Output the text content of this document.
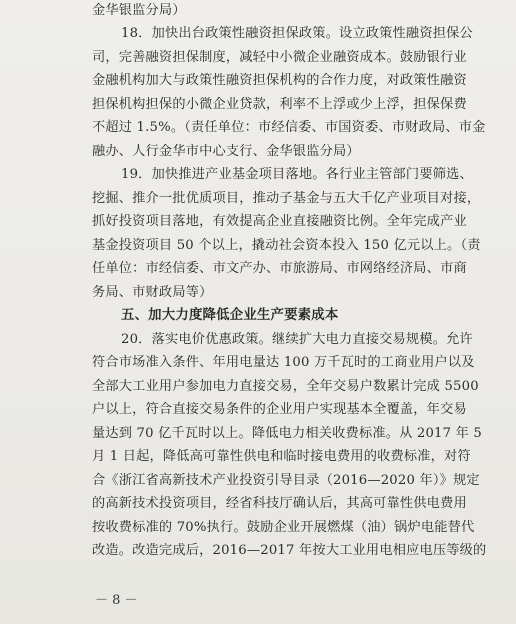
金华银监分局）
18．加快出台政策性融资担保政策。设立政策性融资担保公
司，完善融资担保制度，减轻中小微企业融资成本。鼓励银行业
金融机构加大与政策性融资担保机构的合作力度，对政策性融资
担保机构担保的小微企业贷款，利率不上浮或少上浮，担保保费
不超过 1.5%。（责任单位：市经信委、市国资委、市财政局、市金
融办、人行金华市中心支行、金华银监分局）
19．加快推进产业基金项目落地。各行业主管部门要筛选、
挖掘、推介一批优质项目，推动子基金与五大千亿产业项目对接，
抓好投资项目落地，有效提高企业直接融资比例。全年完成产业
基金投资项目 50 个以上，撬动社会资本投入 150 亿元以上。（责
任单位：市经信委、市文产办、市旅游局、市网络经济局、市商
务局、市财政局等）
五、加大力度降低企业生产要素成本
20．落实电价优惠政策。继续扩大电力直接交易规模。允许
符合市场准入条件、年用电量达 100 万千瓦时的工商业用户以及
全部大工业用户参加电力直接交易，全年交易户数累计完成 5500
户以上，符合直接交易条件的企业用户实现基本全覆盖，年交易
量达到 70 亿千瓦时以上。降低电力相关收费标准。从 2017 年 5
月 1 日起，降低高可靠性供电和临时接电费用的收费标准，对符
合《浙江省高新技术产业投资引导目录（2016—2020 年）》规定
的高新技术投资项目，经省科技厅确认后，其高可靠性供电费用
按收费标准的 70%执行。鼓励企业开展燃煤（油）锅炉电能替代
改造。改造完成后，2016—2017 年按大工业用电相应电压等级的
－ 8 －
